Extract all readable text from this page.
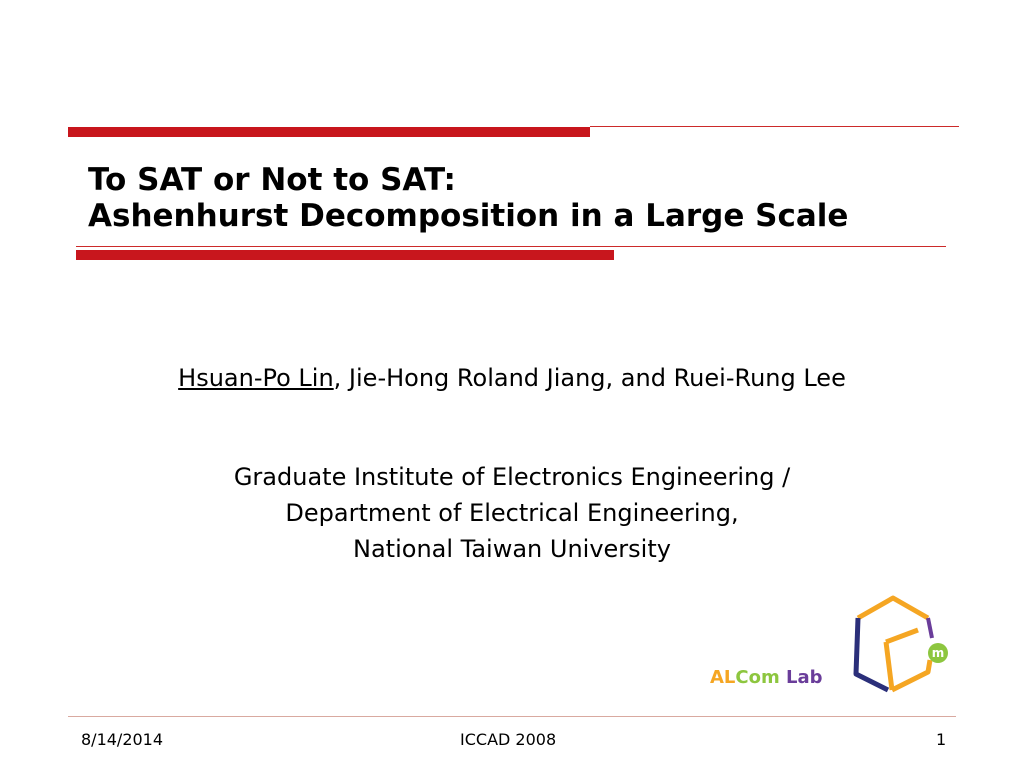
To SAT or Not to SAT:
Ashenhurst Decomposition in a Large Scale
Hsuan-Po Lin, Jie-Hong Roland Jiang, and Ruei-Rung Lee
Graduate Institute of Electronics Engineering /
Department of Electrical Engineering,
National Taiwan University
m
ALCom Lab
8/14/2014	ICCAD 2008	1
